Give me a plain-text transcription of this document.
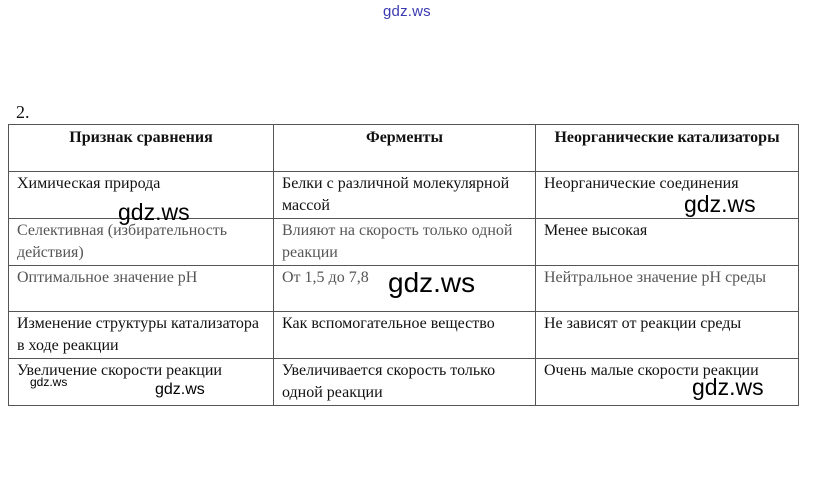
gdz.ws
2.
Признак сравнения	Ферменты	Неорганические катализаторы
Химическая природа	Белки с различной молекулярной массой	Неорганические соединения
Селективная (избирательность действия)	Влияют на скорость только одной реакции	Менее высокая
Оптимальное значение pH	От 1,5 до 7,8	Нейтральное значение pH среды
Изменение структуры катализатора в ходе реакции	Как вспомогательное вещество	Не зависят от реакции среды
Увеличение скорости реакции	Увеличивается скорость только одной реакции	Очень малые скорости реакции
gdz.ws	gdz.ws
gdz.ws
gdz.ws	gdz.ws	gdz.ws
